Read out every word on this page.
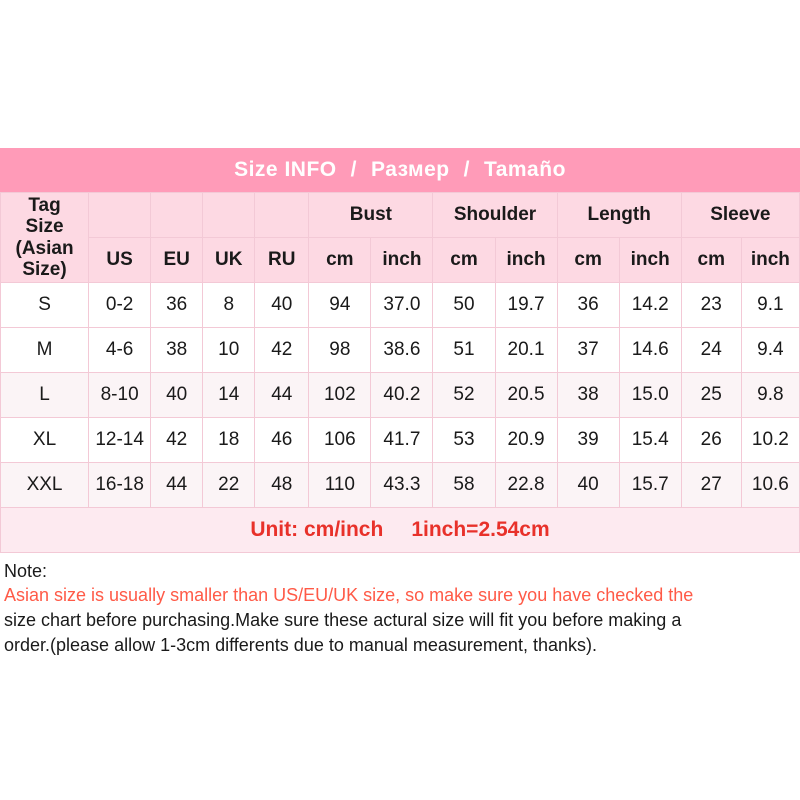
Size INFO / Размер / Tamaño
Tag
Size
(Asian
Size)					Bust		Shoulder		Length		Sleeve	
	US	EU	UK	RU	cm	inch	cm	inch	cm	inch	cm	inch
S	0-2	36	8	40	94	37.0	50	19.7	36	14.2	23	9.1
M	4-6	38	10	42	98	38.6	51	20.1	37	14.6	24	9.4
L	8-10	40	14	44	102	40.2	52	20.5	38	15.0	25	9.8
XL	12-14	42	18	46	106	41.7	53	20.9	39	15.4	26	10.2
XXL	16-18	44	22	48	110	43.3	58	22.8	40	15.7	27	10.6
Unit: cm/inch 1inch=2.54cm

Note:

Asian size is usually smaller than US/EU/UK size, so make sure you have checked the

size chart before purchasing.Make sure these actural size will fit you before making a

order.(please allow 1-3cm differents due to manual measurement, thanks).
